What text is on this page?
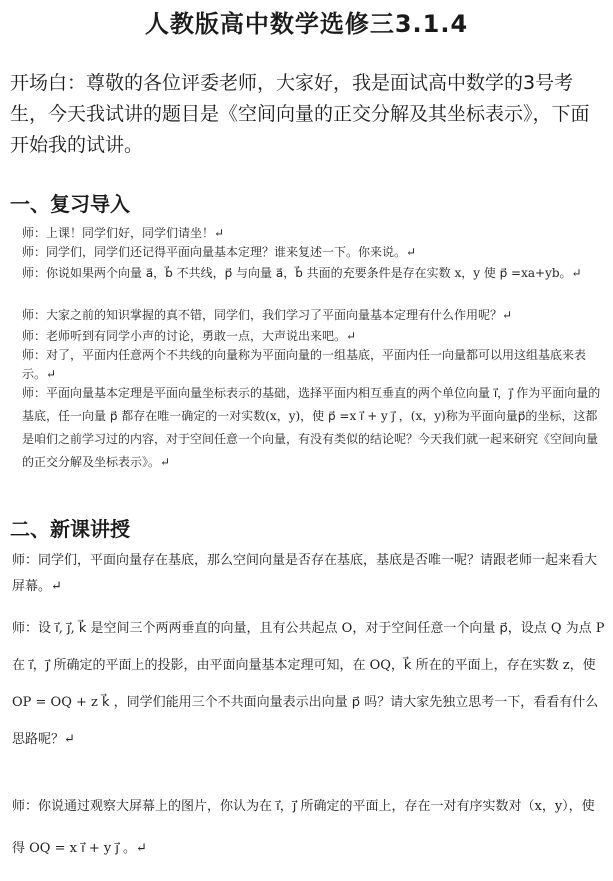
人教版高中数学选修三3.1.4

开场白：尊敬的各位评委老师，大家好，我是面试高中数学的3号考生，今天我试讲的题目是《空间向量的正交分解及其坐标表示》，下面开始我的试讲。

一、复习导入

师：上课！同学们好，同学们请坐！↵

师：同学们，同学们还记得平面向量基本定理？谁来复述一下。你来说。↵

师：你说如果两个向量 a⃗，b⃗ 不共线，p⃗ 与向量 a⃗，b⃗ 共面的充要条件是存在实数 x，y 使 p⃗ =xa+yb。↵

师：大家之前的知识掌握的真不错，同学们，我们学习了平面向量基本定理有什么作用呢？↵

师：老师听到有同学小声的讨论，勇敢一点，大声说出来吧。↵

师：对了，平面内任意两个不共线的向量称为平面向量的一组基底，平面内任一向量都可以用这组基底来表示。↵

师：平面向量基本定理是平面向量坐标表示的基础，选择平面内相互垂直的两个单位向量 i⃗，j⃗ 作为平面向量的基底，任一向量 p⃗ 都存在唯一确定的一对实数(x，y)，使 p⃗ =x i⃗ + y j⃗ ，(x，y)称为平面向量p⃗的坐标，这都是咱们之前学习过的内容，对于空间任意一个向量，有没有类似的结论呢？今天我们就一起来研究《空间向量的正交分解及坐标表示》。↵

二、新课讲授

师：同学们，平面向量存在基底，那么空间向量是否存在基底，基底是否唯一呢？请跟老师一起来看大屏幕。↵

师：设 i⃗, j⃗, k⃗ 是空间三个两两垂直的向量，且有公共起点 O，对于空间任意一个向量 p⃗，设点 Q 为点 P 在 i⃗，j⃗ 所确定的平面上的投影，由平面向量基本定理可知，在 OQ，k⃗ 所在的平面上，存在实数 z，使 OP = OQ + z k⃗ ，同学们能用三个不共面向量表示出向量 p⃗ 吗？请大家先独立思考一下，看看有什么思路呢？↵

师：你说通过观察大屏幕上的图片，你认为在 i⃗，j⃗ 所确定的平面上，存在一对有序实数对（x，y），使得 OQ = x i⃗ + y j⃗ 。↵
